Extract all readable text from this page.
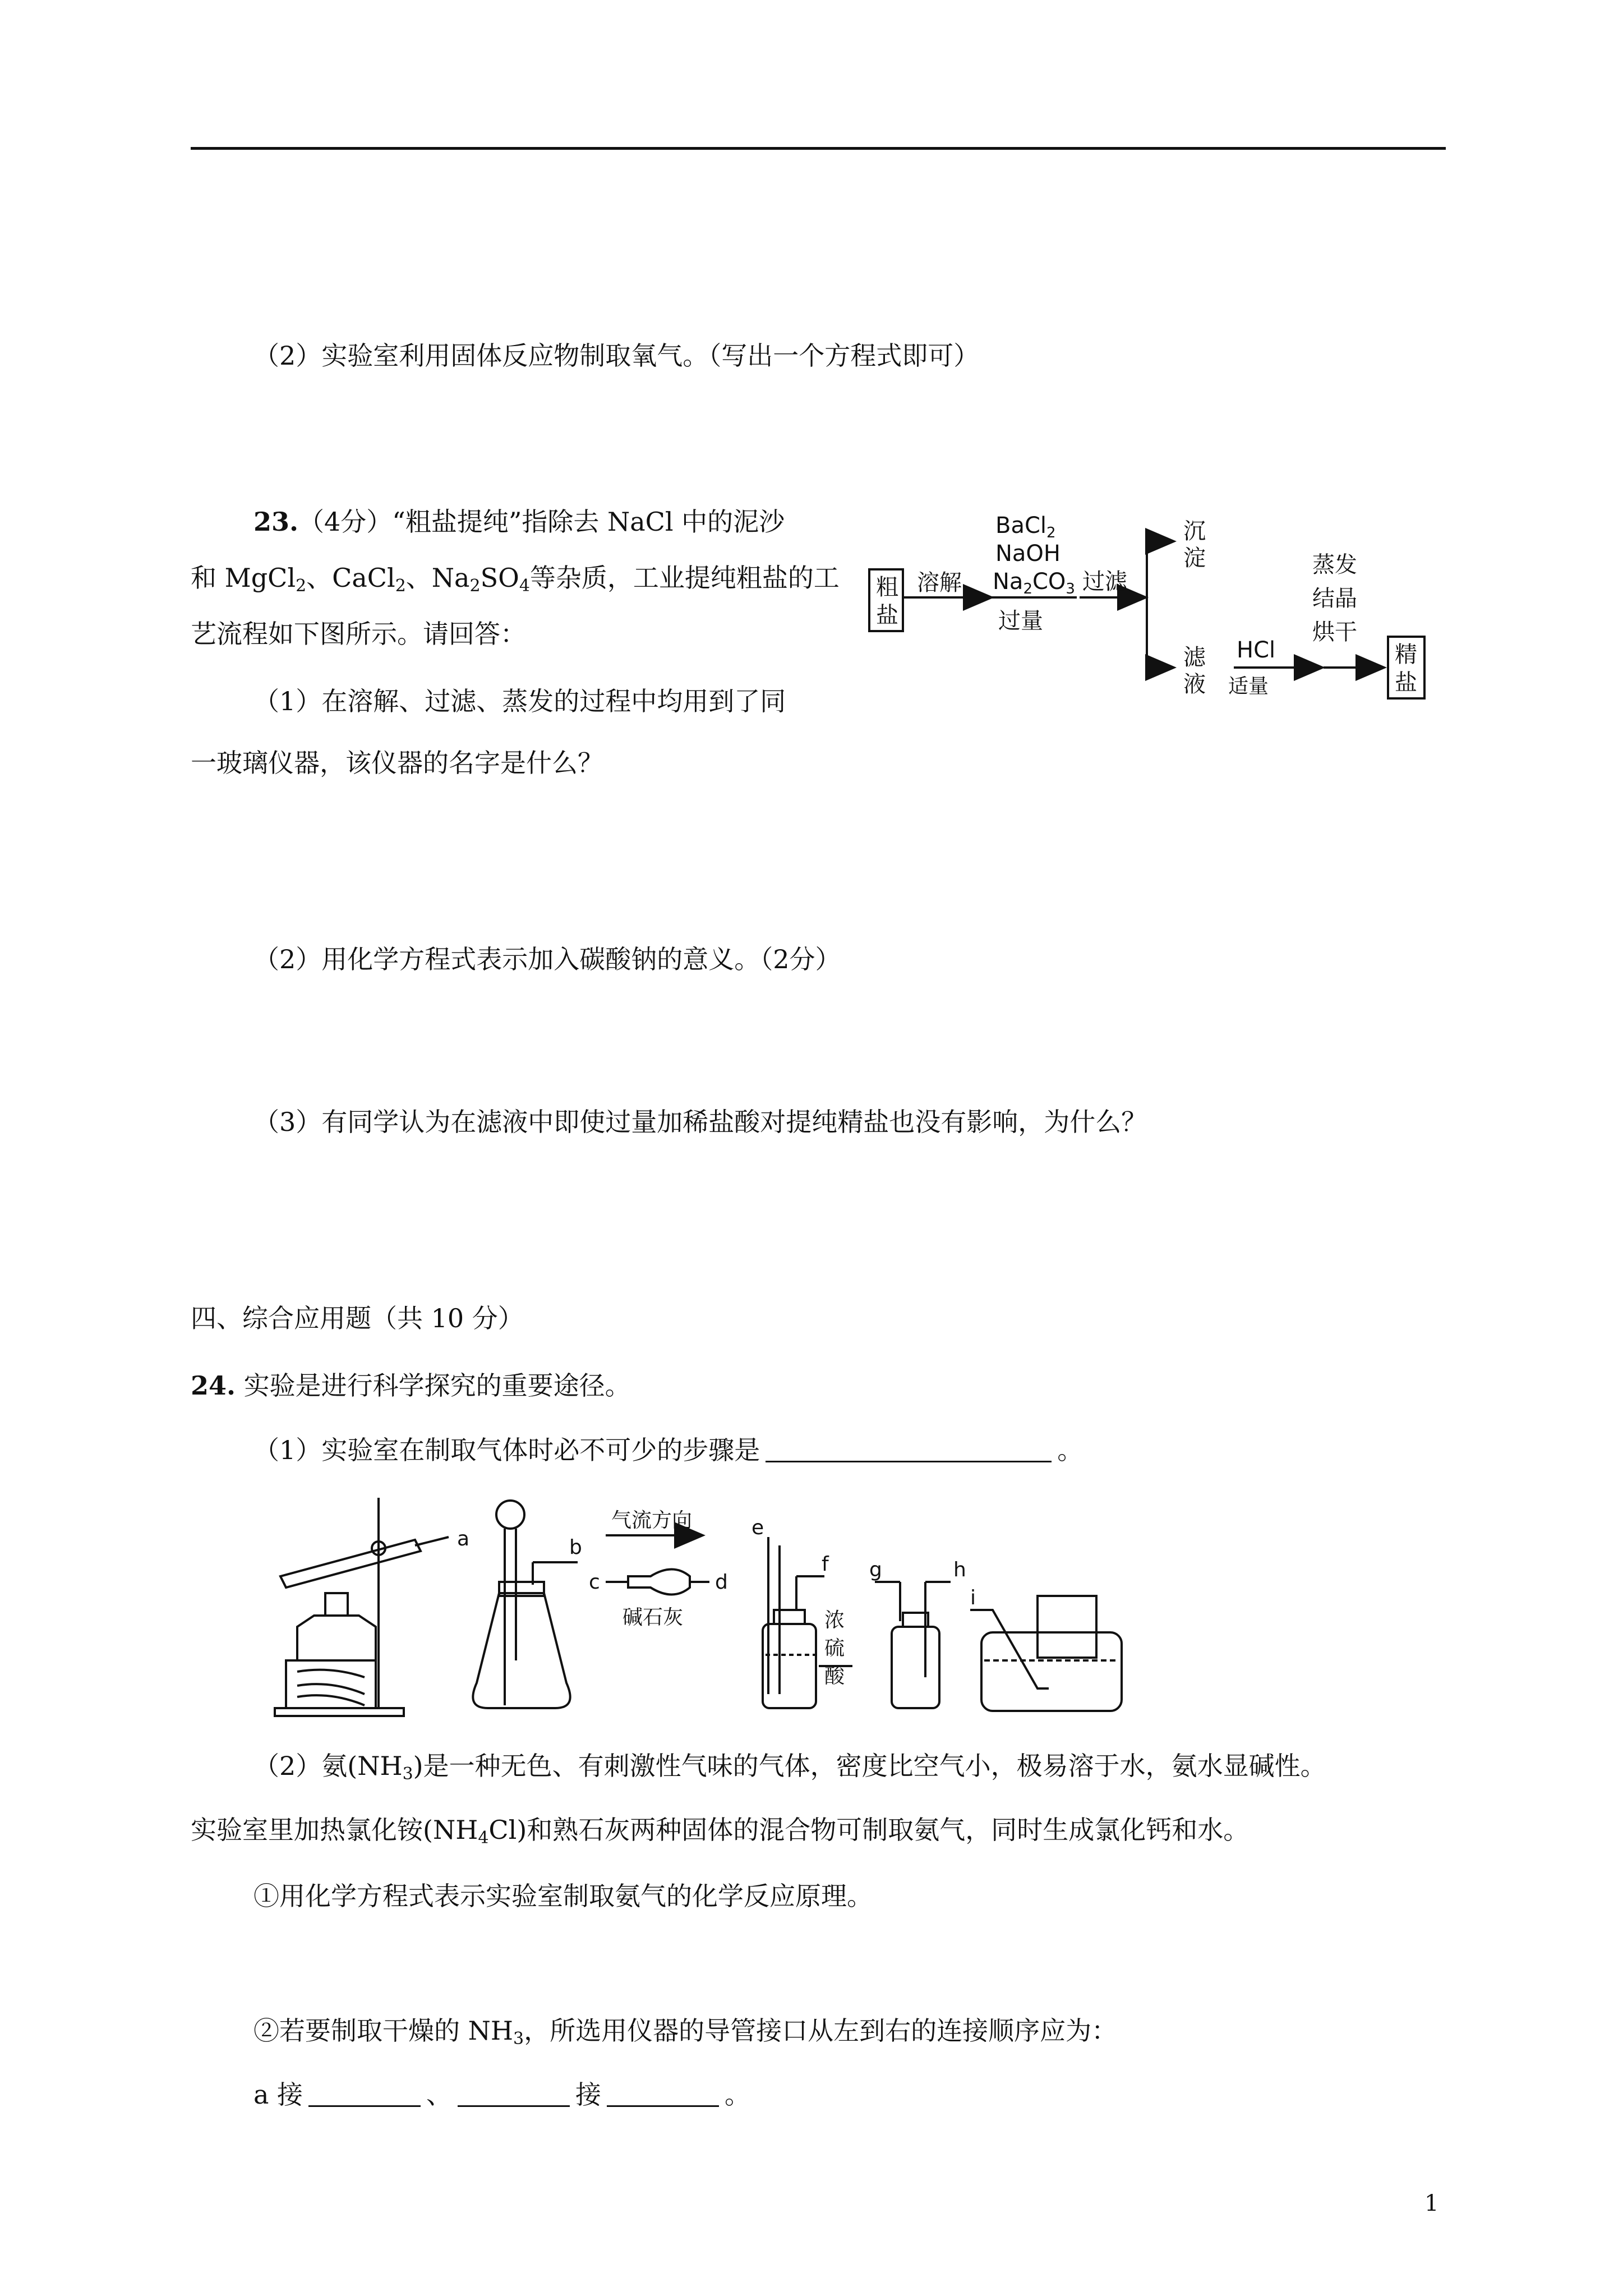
（2）实验室利用固体反应物制取氧气。（写出一个方程式即可）
23.（4分）“粗盐提纯”指除去 NaCl 中的泥沙
和 MgCl$_2$、CaCl$_2$、$Na_2SO_4$等杂质，工业提纯粗盐的工
艺流程如下图所示。请回答：
（1）在溶解、过滤、蒸发的过程中均用到了同
一玻璃仪器，该仪器的名字是什么？
（2）用化学方程式表示加入碳酸钠的意义。（2分）
（3）有同学认为在滤液中即使过量加稀盐酸对提纯精盐也没有影响，为什么？
粗
盐
溶解
BaCl$_2$
NaOH
$Na_2CO_3$
过量
过滤
沉
淀
滤
液
HCl
适量
蒸发
结晶
烘干
精
盐
四、综合应用题（共 10 分）
24. 实验是进行科学探究的重要途径。
（1）实验室在制取气体时必不可少的步骤是	。
a	b
c	d
e
f g	h
i
气流方向
碱石灰	浓
硫
酸
（2）氨$(NH_3)$是一种无色、有刺激性气味的气体，密度比空气小，极易溶于水，氨水显碱性。
实验室里加热氯化铵$(NH_4Cl)$和熟石灰两种固体的混合物可制取氨气，同时生成氯化钙和水。
①用化学方程式表示实验室制取氨气的化学反应原理。
②若要制取干燥的 $NH_3$，所选用仪器的导管接口从左到右的连接顺序应为：
a 接	、	接	。
1
